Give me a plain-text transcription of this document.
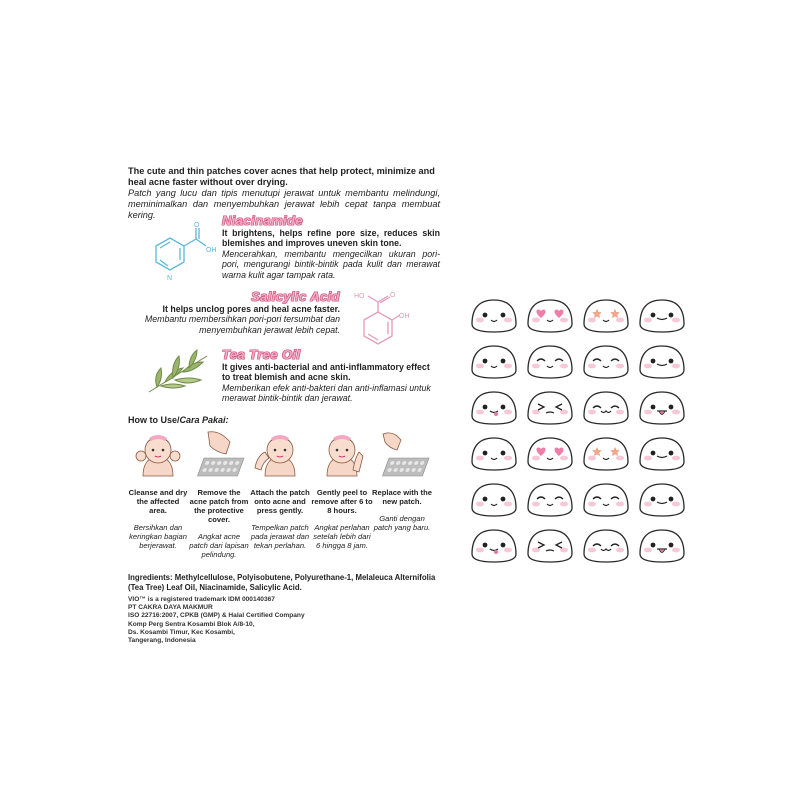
The cute and thin patches cover acnes that help protect, minimize and heal acne faster without over drying.
Patch yang lucu dan tipis menutupi jerawat untuk membantu melindungi, meminimalkan dan menyembuhkan jerawat lebih cepat tanpa membuat kering.
O
OH
N
Niacinamide
It brightens, helps refine pore size, reduces skin blemishes and improves uneven skin tone.
Mencerahkan, membantu mengecilkan ukuran pori-pori, mengurangi bintik-bintik pada kulit dan merawat warna kulit agar tampak rata.
Salicylic Acid
It helps unclog pores and heal acne faster.
Membantu membersihkan pori-pori tersumbat dan menyembuhkan jerawat lebih cepat.
HO	O
OH
Tea Tree Oil
It gives anti-bacterial and anti-inflammatory effect to treat blemish and acne skin.
Memberikan efek anti-bakteri dan anti-inflamasi untuk merawat bintik-bintik dan jerawat.
How to Use/Cara Pakai:
Cleanse and dry the affected area.
Bersihkan dan keringkan bagian berjerawat.
Remove the acne patch from the protective cover.
Angkat acne patch dari lapisan pelindung.
Attach the patch onto acne and press gently.
Tempelkan patch pada jerawat dan tekan perlahan.
Gently peel to remove after 6 to 8 hours.
Angkat perlahan setelah lebih dari 6 hingga 8 jam.
Replace with the new patch.
Ganti dengan patch yang baru.
Ingredients: Methylcellulose, Polyisobutene, Polyurethane-1, Melaleuca Alternifolia (Tea Tree) Leaf Oil, Niacinamide, Salicylic Acid.
VIO™ is a registered trademark IDM 000140367
PT CAKRA DAYA MAKMUR
ISO 22716:2007, CPKB (GMP) & Halal Certified Company
Komp Perg Sentra Kosambi Blok A/8-10,
Ds. Kosambi Timur, Kec Kosambi,
Tangerang, Indonesia
